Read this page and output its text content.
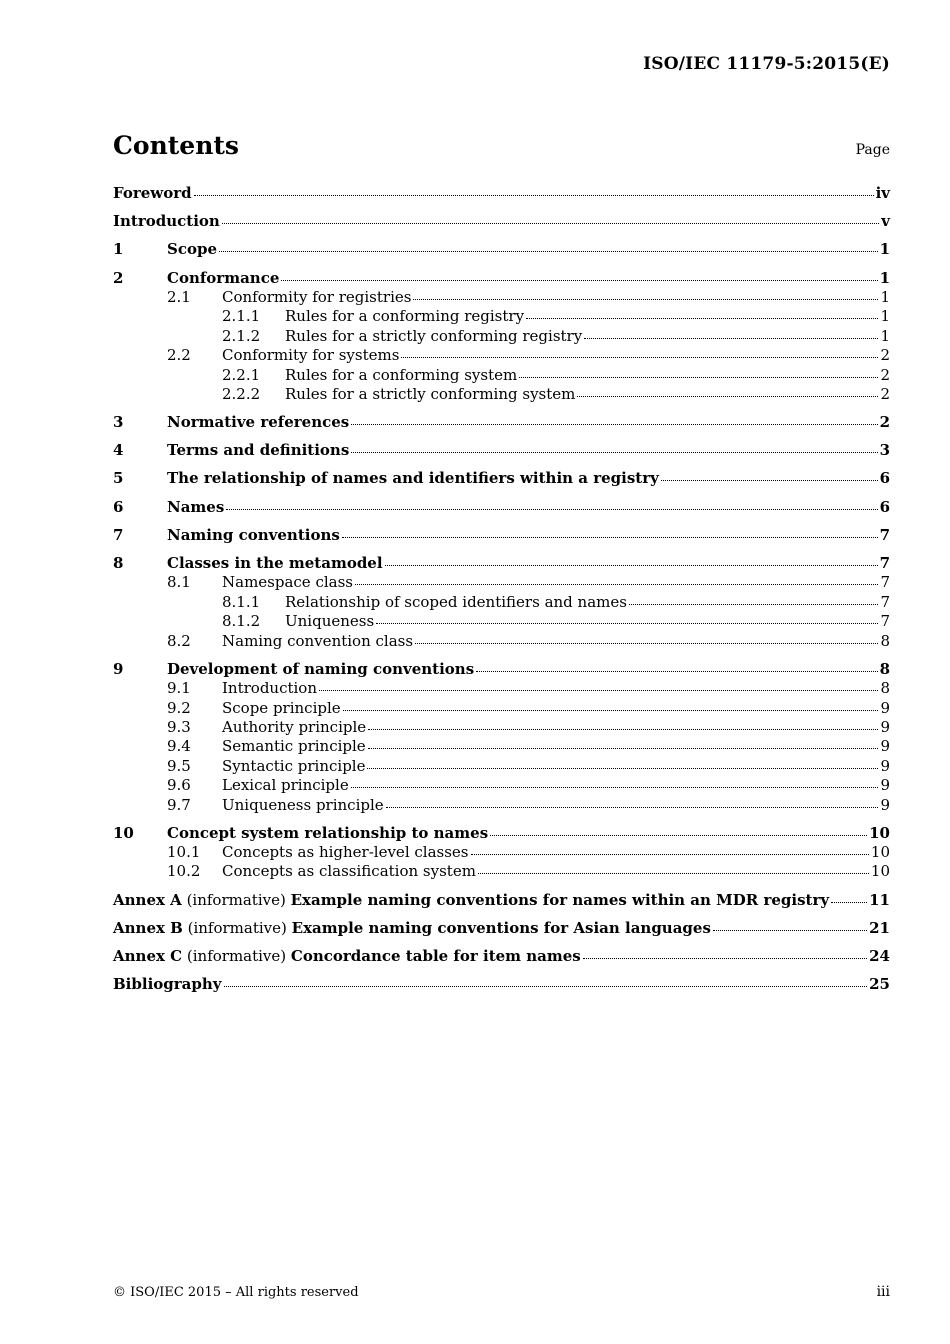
ISO/IEC 11179-5:2015(E)
Contents	Page
Foreword	iv
Introduction	v
1	Scope	1
2	Conformance	1
2.1	Conformity for registries	1
2.1.1	Rules for a conforming registry	1
2.1.2	Rules for a strictly conforming registry	1
2.2	Conformity for systems	2
2.2.1	Rules for a conforming system	2
2.2.2	Rules for a strictly conforming system	2
3	Normative references	2
4	Terms and definitions	3
5	The relationship of names and identifiers within a registry	6
6	Names	6
7	Naming conventions	7
8	Classes in the metamodel	7
8.1	Namespace class	7
8.1.1	Relationship of scoped identifiers and names	7
8.1.2	Uniqueness	7
8.2	Naming convention class	8
9	Development of naming conventions	8
9.1	Introduction	8
9.2	Scope principle	9
9.3	Authority principle	9
9.4	Semantic principle	9
9.5	Syntactic principle	9
9.6	Lexical principle	9
9.7	Uniqueness principle	9
10	Concept system relationship to names	10
10.1	Concepts as higher-level classes	10
10.2	Concepts as classification system	10
Annex A (informative) Example naming conventions for names within an MDR registry	11
Annex B (informative) Example naming conventions for Asian languages	21
Annex C (informative) Concordance table for item names	24
Bibliography	25
© ISO/IEC 2015 – All rights reserved	iii
